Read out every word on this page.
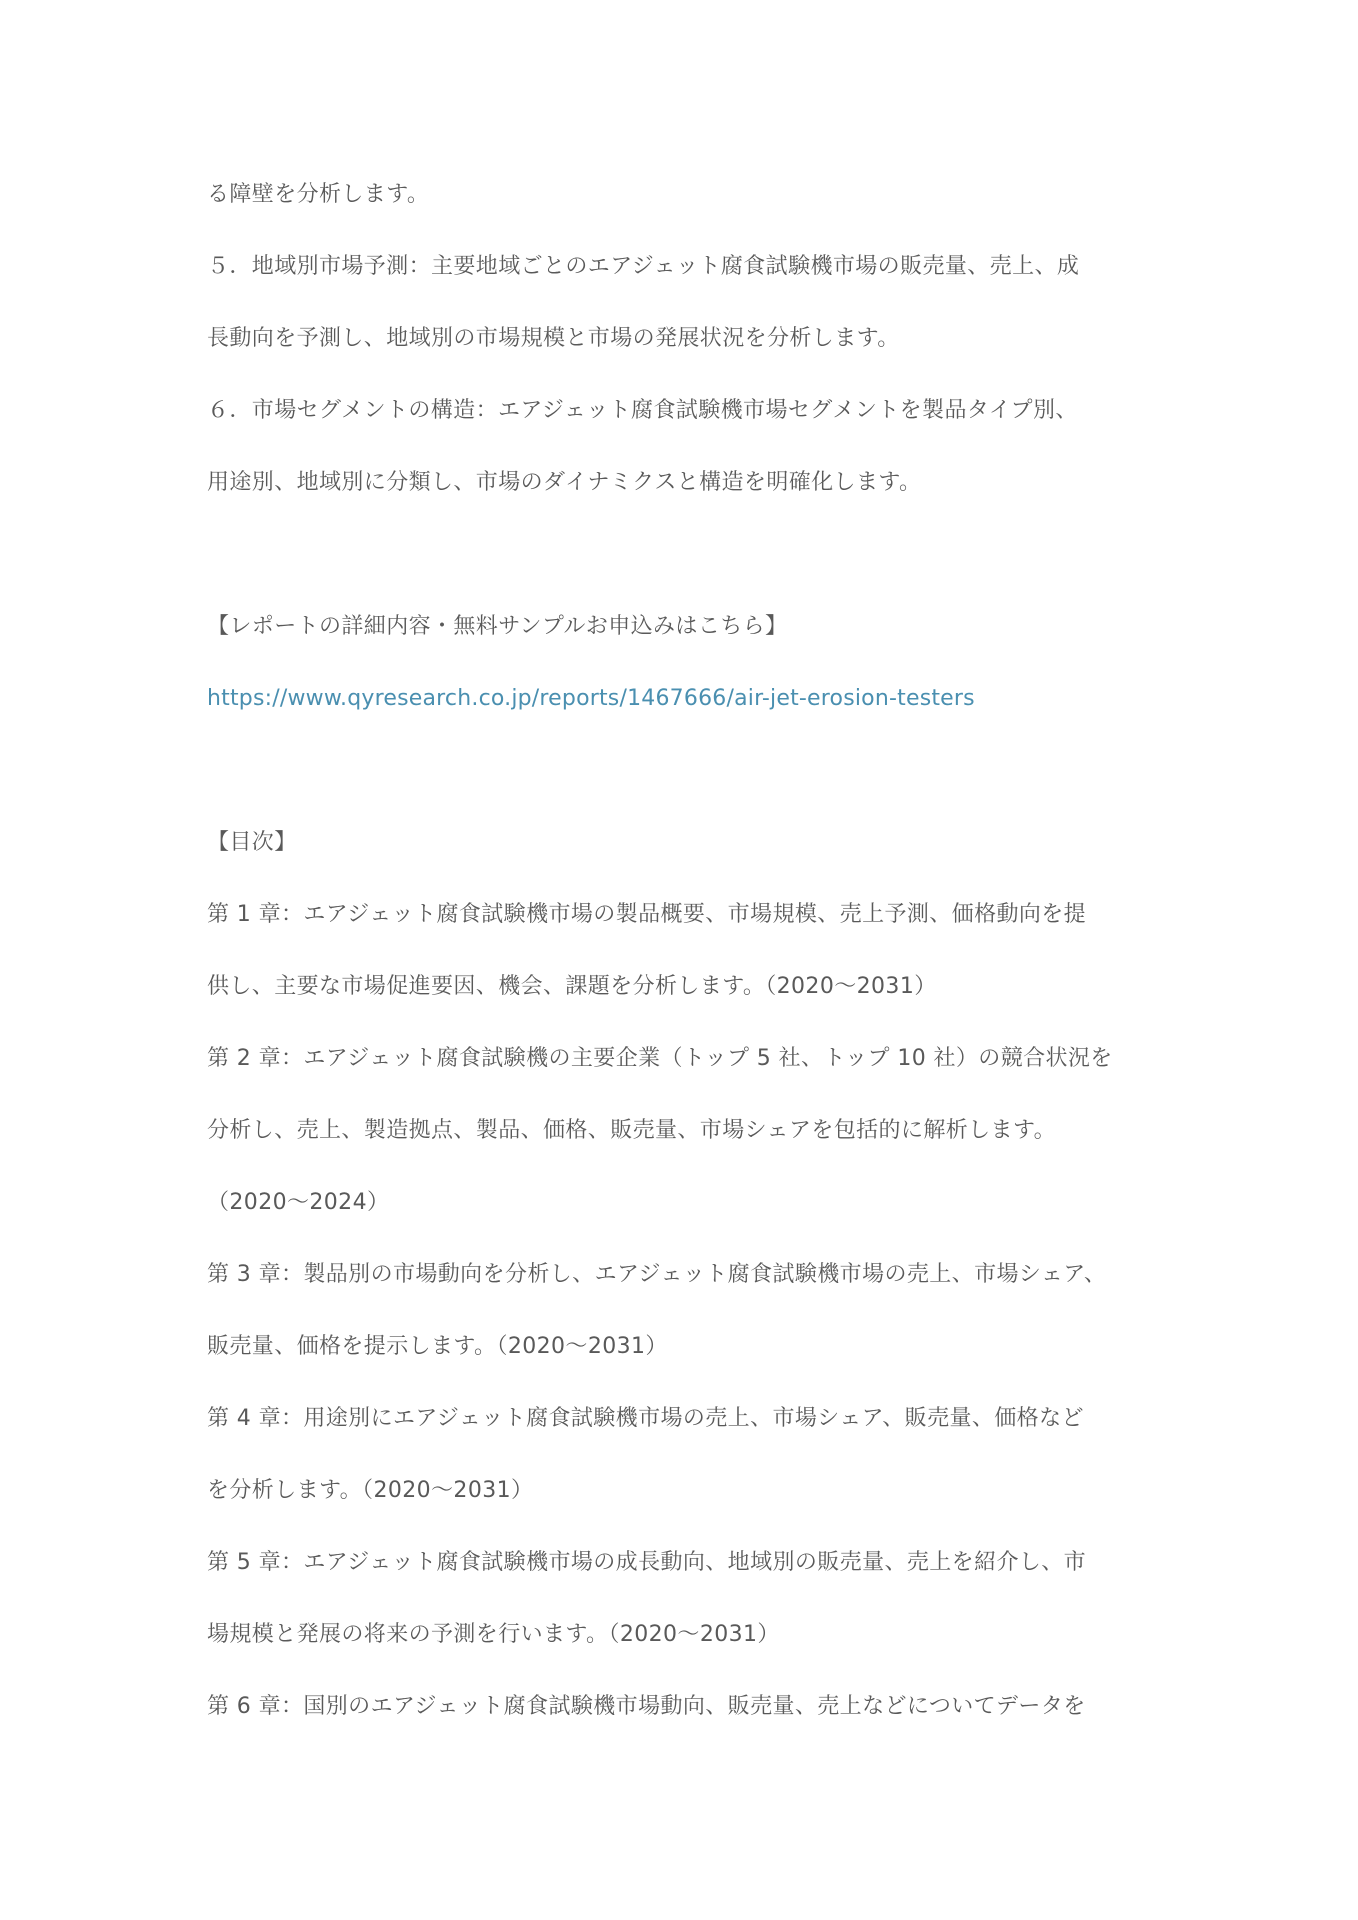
る障壁を分析します。
５．地域別市場予測：主要地域ごとのエアジェット腐食試験機市場の販売量、売上、成
長動向を予測し、地域別の市場規模と市場の発展状況を分析します。
６．市場セグメントの構造：エアジェット腐食試験機市場セグメントを製品タイプ別、
用途別、地域別に分類し、市場のダイナミクスと構造を明確化します。
【レポートの詳細内容・無料サンプルお申込みはこちら】
https://www.qyresearch.co.jp/reports/1467666/air-jet-erosion-testers
【目次】
第 1 章：エアジェット腐食試験機市場の製品概要、市場規模、売上予測、価格動向を提
供し、主要な市場促進要因、機会、課題を分析します。（2020～2031）
第 2 章：エアジェット腐食試験機の主要企業（トップ 5 社、トップ 10 社）の競合状況を
分析し、売上、製造拠点、製品、価格、販売量、市場シェアを包括的に解析します。
（2020～2024）
第 3 章：製品別の市場動向を分析し、エアジェット腐食試験機市場の売上、市場シェア、
販売量、価格を提示します。（2020～2031）
第 4 章：用途別にエアジェット腐食試験機市場の売上、市場シェア、販売量、価格など
を分析します。（2020～2031）
第 5 章：エアジェット腐食試験機市場の成長動向、地域別の販売量、売上を紹介し、市
場規模と発展の将来の予測を行います。（2020～2031）
第 6 章：国別のエアジェット腐食試験機市場動向、販売量、売上などについてデータを
